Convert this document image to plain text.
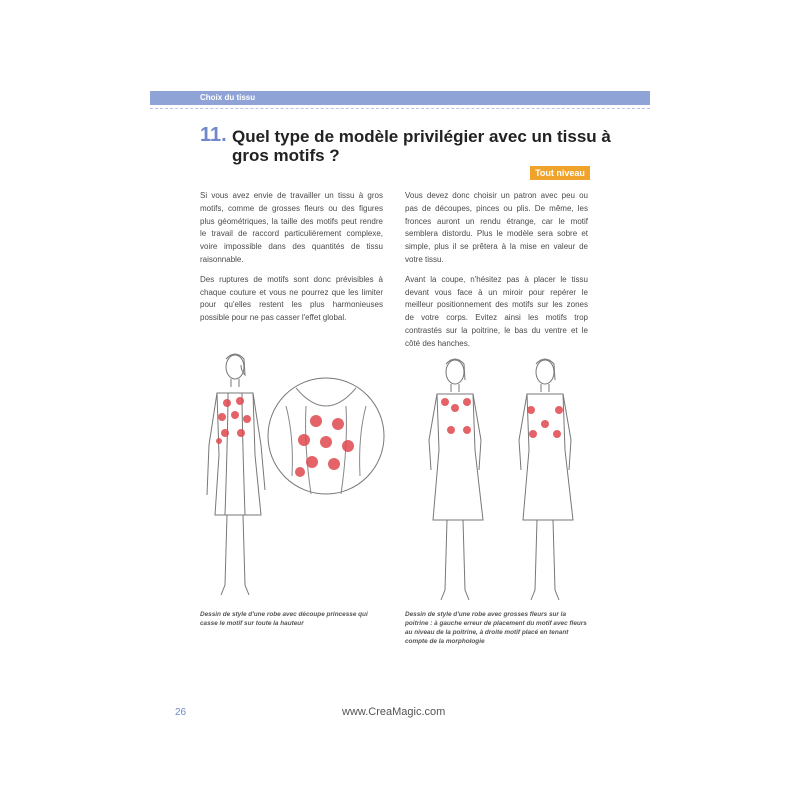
Choix du tissu
11. Quel type de modèle privilégier avec un tissu à gros motifs ?
Tout niveau

Si vous avez envie de travailler un tissu à gros motifs, comme de grosses fleurs ou des figures plus géométriques, la taille des motifs peut rendre le travail de raccord particulièrement complexe, voire impossible dans des quantités de tissu raisonnable.

Des ruptures de motifs sont donc prévisibles à chaque couture et vous ne pourrez que les limiter pour qu'elles restent les plus harmonieuses possible pour ne pas casser l'effet global.

Vous devez donc choisir un patron avec peu ou pas de découpes, pinces ou plis. De même, les fronces auront un rendu étrange, car le motif semblera distordu. Plus le modèle sera sobre et simple, plus il se prêtera à la mise en valeur de votre tissu.

Avant la coupe, n'hésitez pas à placer le tissu devant vous face à un miroir pour repérer le meilleur positionnement des motifs sur les zones de votre corps. Evitez ainsi les motifs trop contrastés sur la poitrine, le bas du ventre et le côté des hanches.

Dessin de style d'une robe avec découpe princesse qui casse le motif sur toute la hauteur
Dessin de style d'une robe avec grosses fleurs sur la poitrine : à gauche erreur de placement du motif avec fleurs au niveau de la poitrine, à droite motif placé en tenant compte de la morphologie
26	www.CreaMagic.com
